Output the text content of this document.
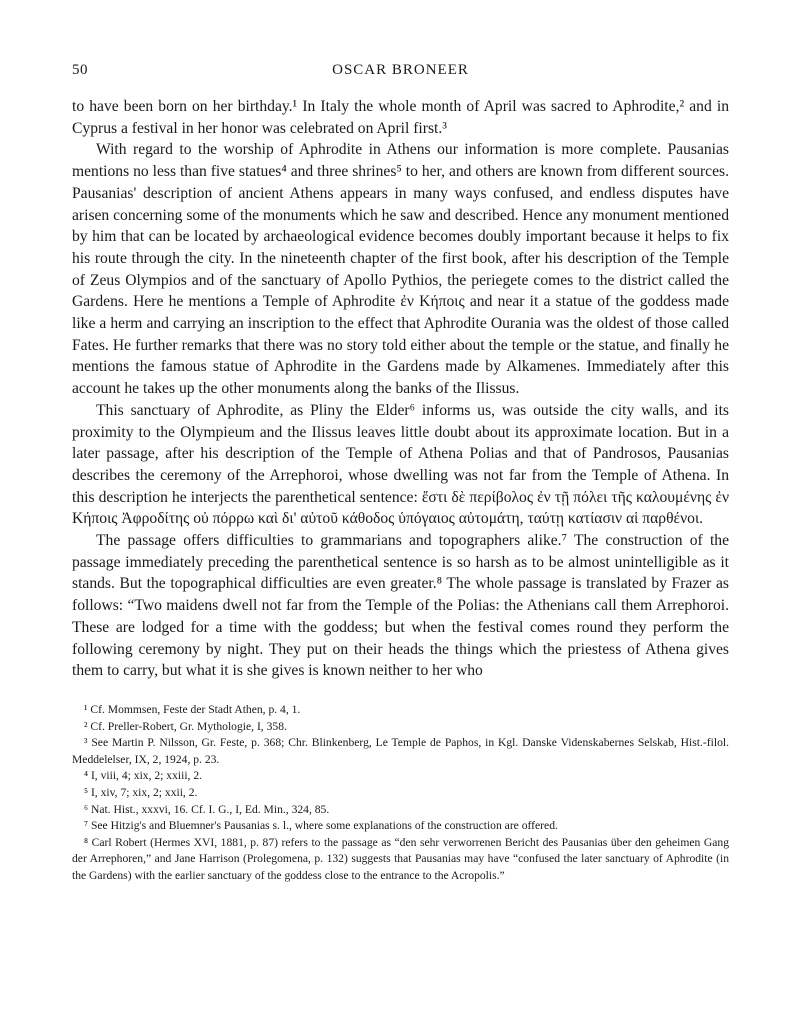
50	OSCAR BRONEER

to have been born on her birthday.¹ In Italy the whole month of April was sacred to Aphrodite,² and in Cyprus a festival in her honor was celebrated on April first.³

With regard to the worship of Aphrodite in Athens our information is more complete. Pausanias mentions no less than five statues⁴ and three shrines⁵ to her, and others are known from different sources. Pausanias' description of ancient Athens appears in many ways confused, and endless disputes have arisen concerning some of the monuments which he saw and described. Hence any monument mentioned by him that can be located by archaeological evidence becomes doubly important because it helps to fix his route through the city. In the nineteenth chapter of the first book, after his description of the Temple of Zeus Olympios and of the sanctuary of Apollo Pythios, the periegete comes to the district called the Gardens. Here he mentions a Temple of Aphrodite ἐν Κήποις and near it a statue of the goddess made like a herm and carrying an inscription to the effect that Aphrodite Ourania was the oldest of those called Fates. He further remarks that there was no story told either about the temple or the statue, and finally he mentions the famous statue of Aphrodite in the Gardens made by Alkamenes. Immediately after this account he takes up the other monuments along the banks of the Ilissus.

This sanctuary of Aphrodite, as Pliny the Elder⁶ informs us, was outside the city walls, and its proximity to the Olympieum and the Ilissus leaves little doubt about its approximate location. But in a later passage, after his description of the Temple of Athena Polias and that of Pandrosos, Pausanias describes the ceremony of the Arrephoroi, whose dwelling was not far from the Temple of Athena. In this description he interjects the parenthetical sentence: ἔστι δὲ περίβολος ἐν τῇ πόλει τῆς καλουμένης ἐν Κήποις Ἀφροδίτης οὐ πόρρω καὶ δι' αὐτοῦ κάθοδος ὑπόγαιος αὐτομάτη, ταύτῃ κατίασιν αἱ παρθένοι.

The passage offers difficulties to grammarians and topographers alike.⁷ The construction of the passage immediately preceding the parenthetical sentence is so harsh as to be almost unintelligible as it stands. But the topographical difficulties are even greater.⁸ The whole passage is translated by Frazer as follows: “Two maidens dwell not far from the Temple of the Polias: the Athenians call them Arrephoroi. These are lodged for a time with the goddess; but when the festival comes round they perform the following ceremony by night. They put on their heads the things which the priestess of Athena gives them to carry, but what it is she gives is known neither to her who

¹ Cf. Mommsen, Feste der Stadt Athen, p. 4, 1.

² Cf. Preller-Robert, Gr. Mythologie, I, 358.

³ See Martin P. Nilsson, Gr. Feste, p. 368; Chr. Blinkenberg, Le Temple de Paphos, in Kgl. Danske Videnskabernes Selskab, Hist.-filol. Meddelelser, IX, 2, 1924, p. 23.

⁴ I, viii, 4; xix, 2; xxiii, 2.

⁵ I, xiv, 7; xix, 2; xxii, 2.

⁶ Nat. Hist., xxxvi, 16. Cf. I. G., I, Ed. Min., 324, 85.

⁷ See Hitzig's and Bluemner's Pausanias s. l., where some explanations of the construction are offered.

⁸ Carl Robert (Hermes XVI, 1881, p. 87) refers to the passage as “den sehr verworrenen Bericht des Pausanias über den geheimen Gang der Arrephoren,” and Jane Harrison (Prolegomena, p. 132) suggests that Pausanias may have “confused the later sanctuary of Aphrodite (in the Gardens) with the earlier sanctuary of the goddess close to the entrance to the Acropolis.”
